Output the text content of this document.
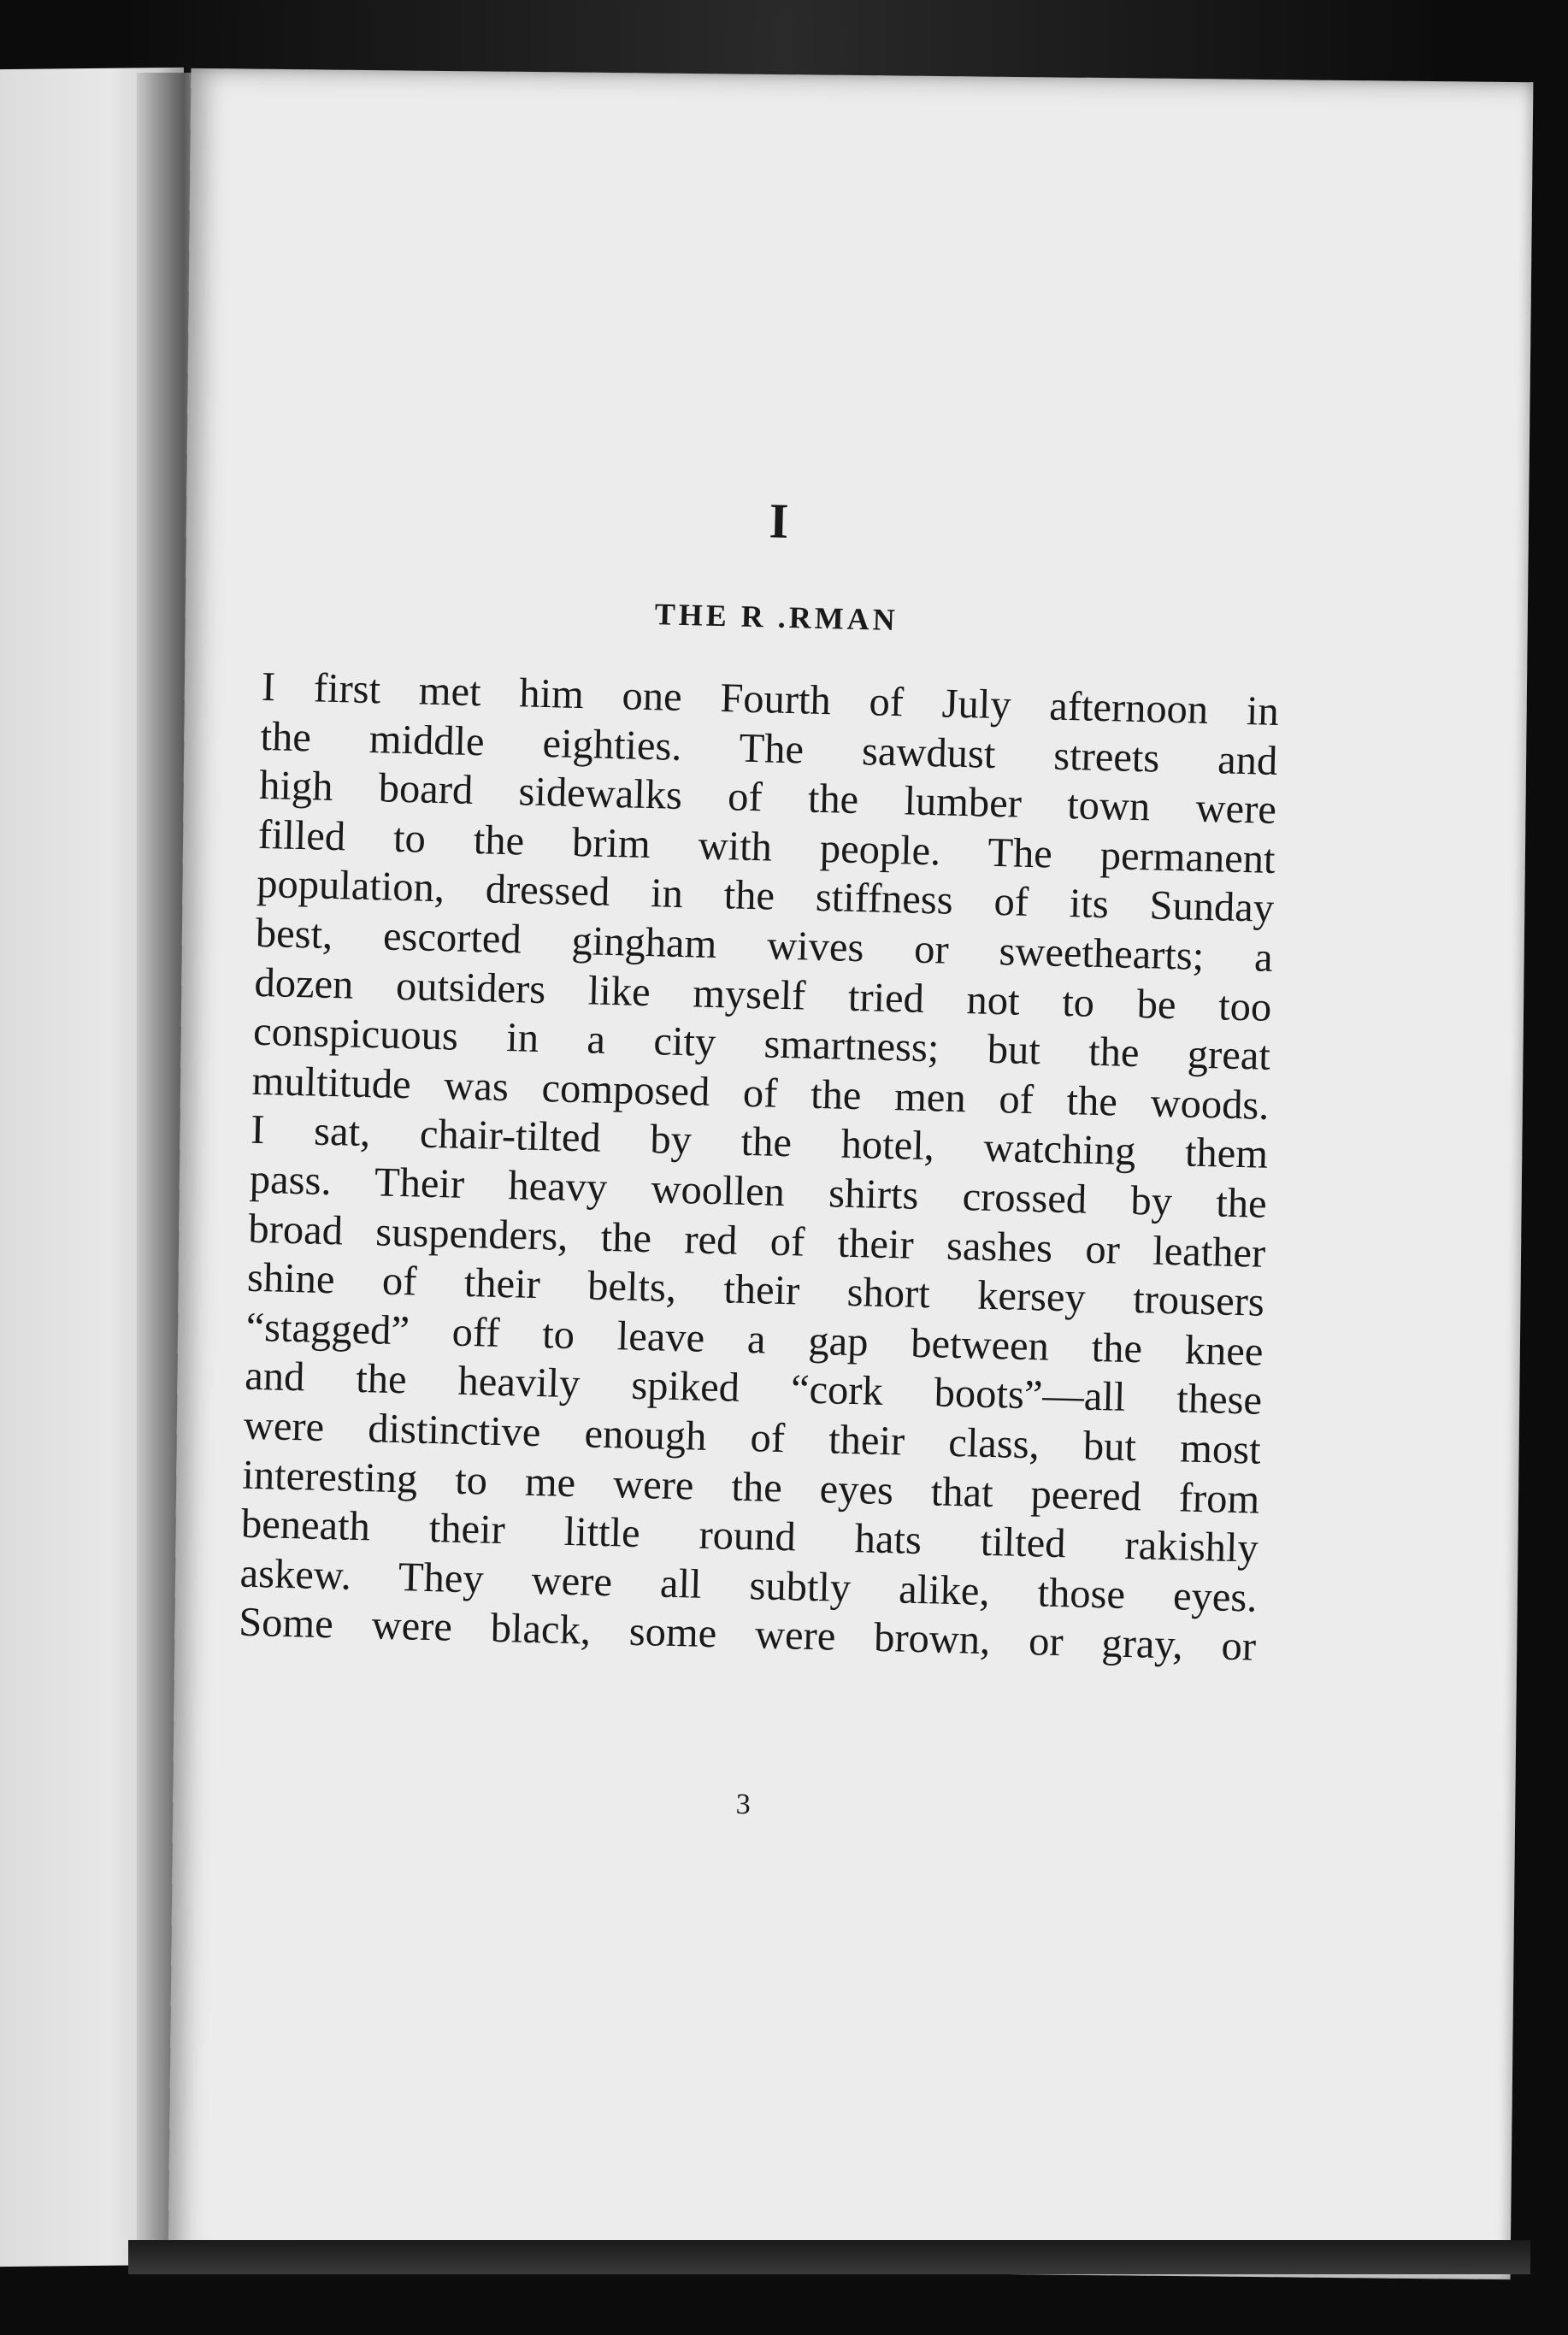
I
THE R .RMAN
I first met him one Fourth of July afternoon in
the middle eighties. The sawdust streets and
high board sidewalks of the lumber town were
filled to the brim with people. The permanent
population, dressed in the stiffness of its Sunday
best, escorted gingham wives or sweethearts; a
dozen outsiders like myself tried not to be too
conspicuous in a city smartness; but the great
multitude was composed of the men of the woods.
I sat, chair-tilted by the hotel, watching them
pass. Their heavy woollen shirts crossed by the
broad suspenders, the red of their sashes or leather
shine of their belts, their short kersey trousers
“stagged” off to leave a gap between the knee
and the heavily spiked “cork boots”—all these
were distinctive enough of their class, but most
interesting to me were the eyes that peered from
beneath their little round hats tilted rakishly
askew. They were all subtly alike, those eyes.
Some were black, some were brown, or gray, or
3
